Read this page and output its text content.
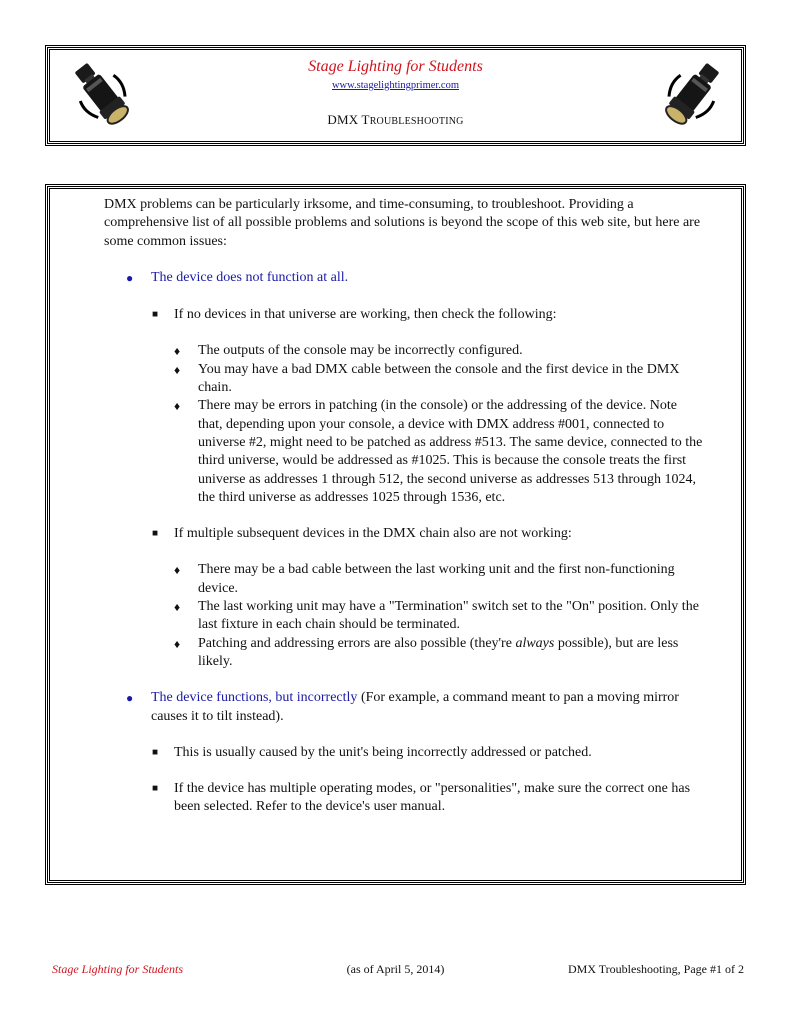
Stage Lighting for Students
www.stagelightingprimer.com
DMX TROUBLESHOOTING

DMX problems can be particularly irksome, and time-consuming, to troubleshoot. Providing a comprehensive list of all possible problems and solutions is beyond the scope of this web site, but here are some common issues:

● The device does not function at all.

■ If no devices in that universe are working, then check the following:

♦ The outputs of the console may be incorrectly configured.

♦ You may have a bad DMX cable between the console and the first device in the DMX chain.

♦ There may be errors in patching (in the console) or the addressing of the device. Note that, depending upon your console, a device with DMX address #001, connected to universe #2, might need to be patched as address #513. The same device, connected to the third universe, would be addressed as #1025. This is because the console treats the first universe as addresses 1 through 512, the second universe as addresses 513 through 1024, the third universe as addresses 1025 through 1536, etc.

■ If multiple subsequent devices in the DMX chain also are not working:

♦ There may be a bad cable between the last working unit and the first non-functioning device.

♦ The last working unit may have a "Termination" switch set to the "On" position. Only the last fixture in each chain should be terminated.

♦ Patching and addressing errors are also possible (they're always possible), but are less likely.

● The device functions, but incorrectly (For example, a command meant to pan a moving mirror causes it to tilt instead).

■ This is usually caused by the unit's being incorrectly addressed or patched.

■ If the device has multiple operating modes, or "personalities", make sure the correct one has been selected. Refer to the device's user manual.

Stage Lighting for Students	(as of April 5, 2014)	DMX Troubleshooting, Page #1 of 2
